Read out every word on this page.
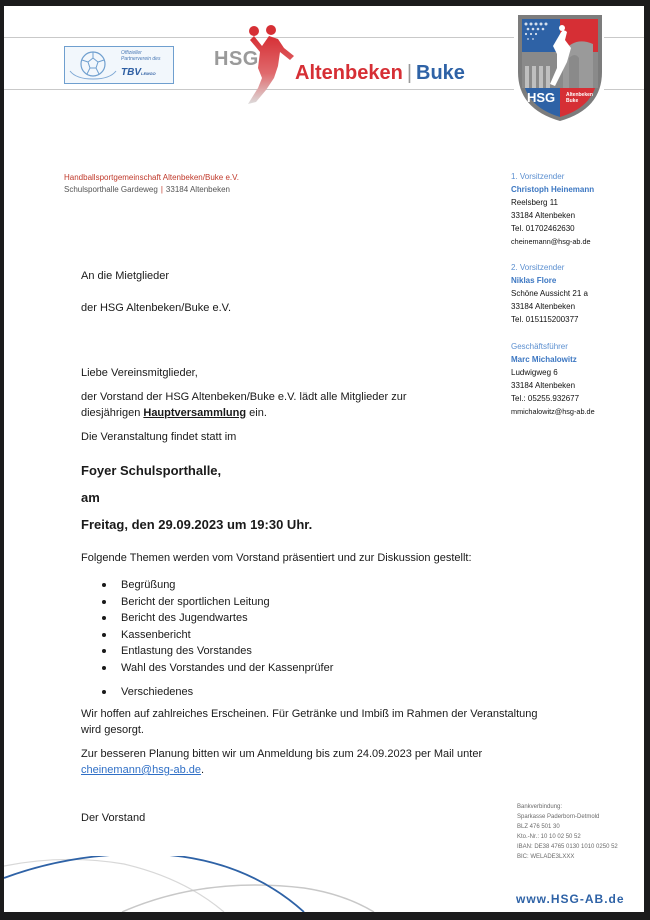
Offizieller
Partnerverein des
TBVLEMGO
HSG
Altenbeken | Buke
HSG Altenbeken
Buke
Handballsportgemeinschaft Altenbeken/Buke e.V.
Schulsporthalle Gardeweg | 33184 Altenbeken
1. Vorsitzender
Christoph Heinemann
Reelsberg 11
33184 Altenbeken
Tel. 01702462630
cheinemann@hsg-ab.de
2. Vorsitzender
Niklas Flore
Schöne Aussicht 21 a
33184 Altenbeken
Tel. 015115200377
Geschäftsführer
Marc Michalowitz
Ludwigweg 6
33184 Altenbeken
Tel.: 05255.932677
mmichalowitz@hsg-ab.de
An die Mietglieder
der HSG Altenbeken/Buke e.V.
Liebe Vereinsmitglieder,
der Vorstand der HSG Altenbeken/Buke e.V. lädt alle Mitglieder zur
diesjährigen Hauptversammlung ein.
Die Veranstaltung findet statt im
Foyer Schulsporthalle,
am
Freitag, den 29.09.2023 um 19:30 Uhr.
Folgende Themen werden vom Vorstand präsentiert und zur Diskussion gestellt:
Begrüßung
Bericht der sportlichen Leitung
Bericht des Jugendwartes
Kassenbericht
Entlastung des Vorstandes
Wahl des Vorstandes und der Kassenprüfer
Verschiedenes
Wir hoffen auf zahlreiches Erscheinen. Für Getränke und Imbiß im Rahmen der Veranstaltung
wird gesorgt.
Zur besseren Planung bitten wir um Anmeldung bis zum 24.09.2023 per Mail unter
cheinemann@hsg-ab.de.
Der Vorstand
Bankverbindung:
Sparkasse Paderborn-Detmold
BLZ 476 501 30
Kto.-Nr.: 10 10 02 50 52
IBAN: DE38 4765 0130 1010 0250 52
BIC: WELADE3LXXX
www.HSG-AB.de
